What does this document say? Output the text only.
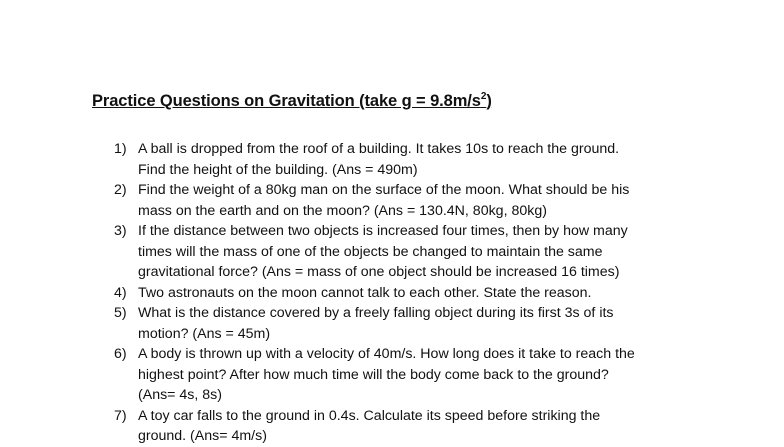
Practice Questions on Gravitation (take $g = 9.8m/s^2$)
1) A ball is dropped from the roof of a building. It takes 10s to reach the ground.
Find the height of the building. (Ans = 490m)
2) Find the weight of a 80kg man on the surface of the moon. What should be his
mass on the earth and on the moon? (Ans = 130.4N, 80kg, 80kg)
3) If the distance between two objects is increased four times, then by how many
times will the mass of one of the objects be changed to maintain the same
gravitational force? (Ans = mass of one object should be increased 16 times)
4) Two astronauts on the moon cannot talk to each other. State the reason.
5) What is the distance covered by a freely falling object during its first 3s of its
motion? (Ans = 45m)
6) A body is thrown up with a velocity of 40m/s. How long does it take to reach the
highest point? After how much time will the body come back to the ground?
(Ans= 4s, 8s)
7) A toy car falls to the ground in 0.4s. Calculate its speed before striking the
ground. (Ans= 4m/s)
